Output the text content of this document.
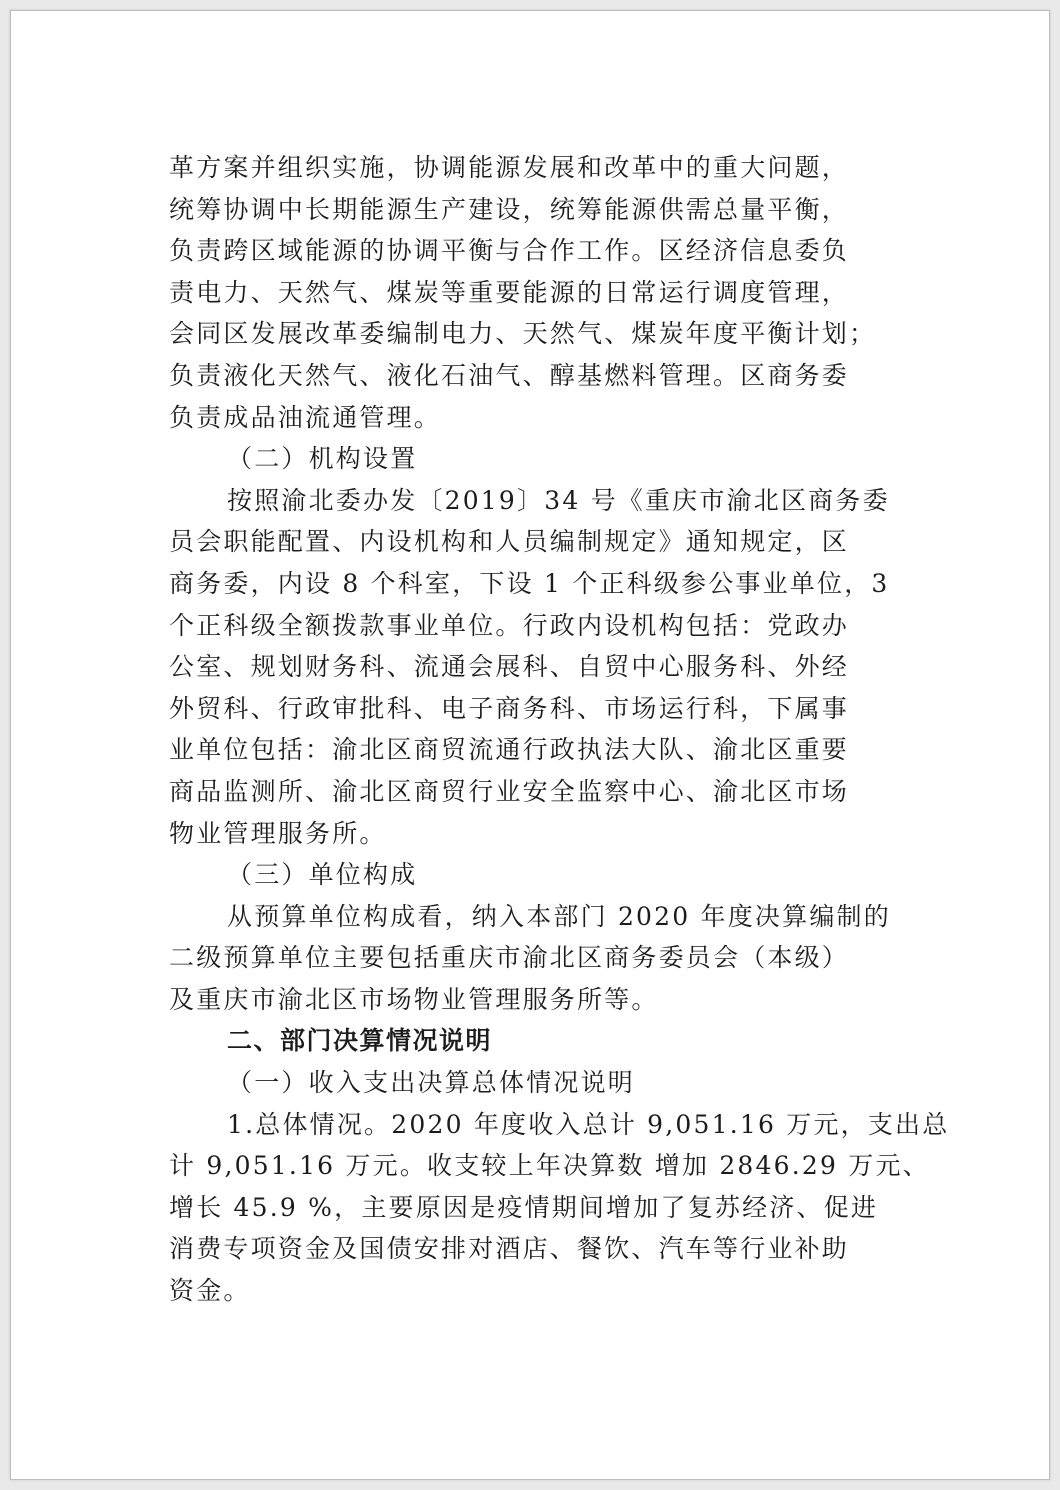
革方案并组织实施，协调能源发展和改革中的重大问题，
统筹协调中长期能源生产建设，统筹能源供需总量平衡，
负责跨区域能源的协调平衡与合作工作。区经济信息委负
责电力、天然气、煤炭等重要能源的日常运行调度管理，
会同区发展改革委编制电力、天然气、煤炭年度平衡计划；
负责液化天然气、液化石油气、醇基燃料管理。区商务委
负责成品油流通管理。
（二）机构设置
按照渝北委办发〔2019〕34 号《重庆市渝北区商务委
员会职能配置、内设机构和人员编制规定》通知规定，区
商务委，内设 8 个科室，下设 1 个正科级参公事业单位，3
个正科级全额拨款事业单位。行政内设机构包括：党政办
公室、规划财务科、流通会展科、自贸中心服务科、外经
外贸科、行政审批科、电子商务科、市场运行科，下属事
业单位包括：渝北区商贸流通行政执法大队、渝北区重要
商品监测所、渝北区商贸行业安全监察中心、渝北区市场
物业管理服务所。
（三）单位构成
从预算单位构成看，纳入本部门 2020 年度决算编制的
二级预算单位主要包括重庆市渝北区商务委员会（本级）
及重庆市渝北区市场物业管理服务所等。
二、部门决算情况说明
（一）收入支出决算总体情况说明
1.总体情况。2020 年度收入总计 9,051.16 万元，支出总
计 9,051.16 万元。收支较上年决算数 增加 2846.29 万元、
增长 45.9 %，主要原因是疫情期间增加了复苏经济、促进
消费专项资金及国债安排对酒店、餐饮、汽车等行业补助
资金。
